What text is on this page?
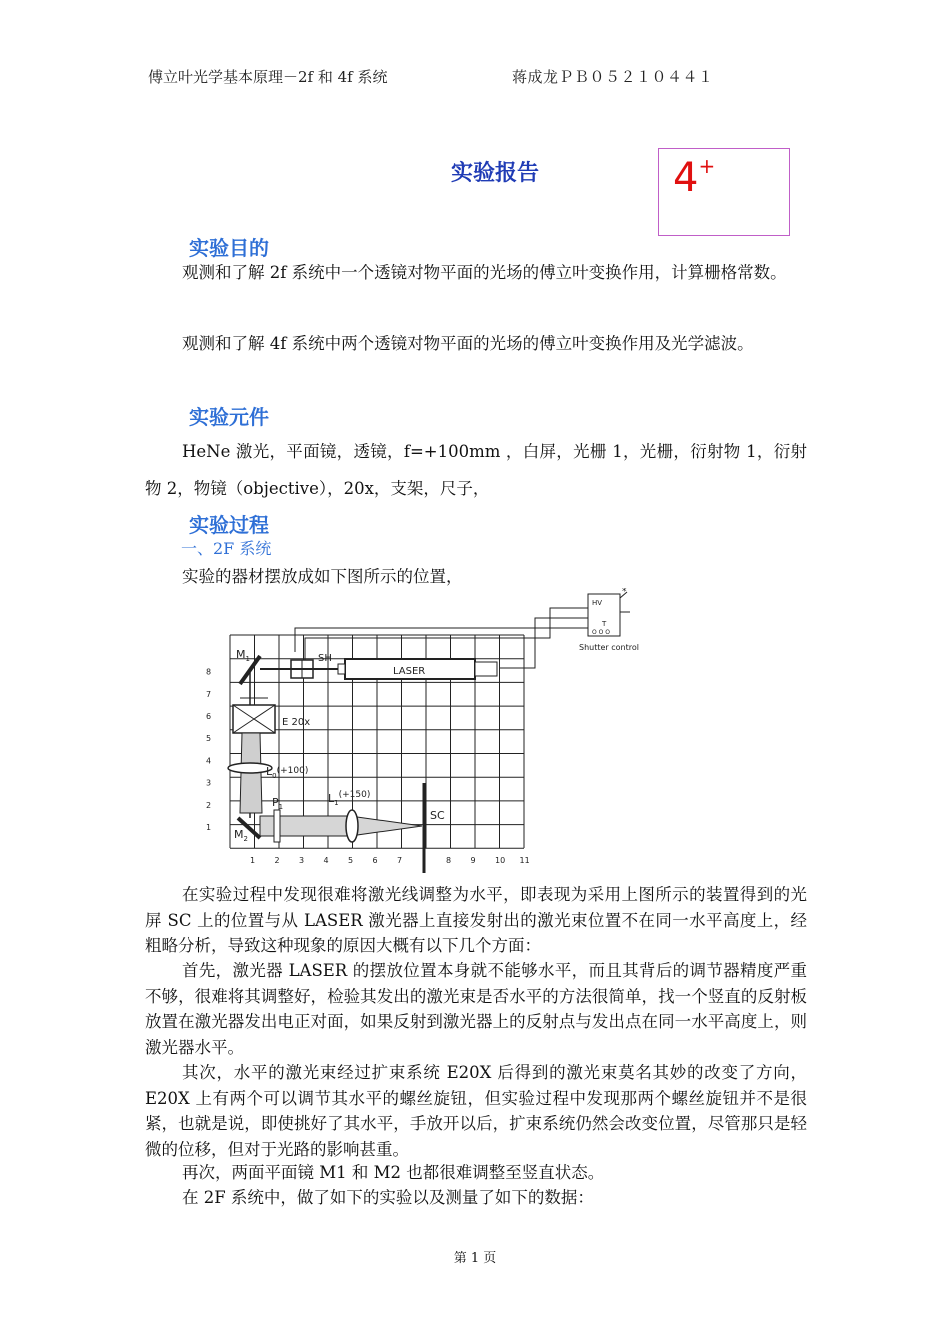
傅立叶光学基本原理－2f 和 4f 系统	蒋成龙ＰＢ０５２１０４４１
实验报告	4+
实验目的
观测和了解 2f 系统中一个透镜对物平面的光场的傅立叶变换作用，计算栅格常数。
观测和了解 4f 系统中两个透镜对物平面的光场的傅立叶变换作用及光学滤波。
实验元件
HeNe 激光，平面镜，透镜，f=+100mm ，白屏，光栅 1，光栅，衍射物 1，衍射物 2，物镜（objective），20x，支架，尺子，
实验过程
一、2F 系统
实验的器材摆放成如下图所示的位置，
$M_1$	SH
LASER
E 20x
$L_0^{(+100)}$
$P_1$
$L_1^{(+150)}$
$M_2$
SC
HV
T
O O O
*
Shutter control
1 2 3 4 5 6 7	8 9 10 11
1
2
3
4
5
6
7
8
在实验过程中发现很难将激光线调整为水平，即表现为采用上图所示的装置得到的光屏 SC 上的位置与从 LASER 激光器上直接发射出的激光束位置不在同一水平高度上，经粗略分析，导致这种现象的原因大概有以下几个方面：
首先，激光器 LASER 的摆放位置本身就不能够水平，而且其背后的调节器精度严重不够，很难将其调整好，检验其发出的激光束是否水平的方法很简单，找一个竖直的反射板放置在激光器发出电正对面，如果反射到激光器上的反射点与发出点在同一水平高度上，则激光器水平。
其次，水平的激光束经过扩束系统 E20X 后得到的激光束莫名其妙的改变了方向，E20X 上有两个可以调节其水平的螺丝旋钮，但实验过程中发现那两个螺丝旋钮并不是很紧，也就是说，即使挑好了其水平，手放开以后，扩束系统仍然会改变位置，尽管那只是轻微的位移，但对于光路的影响甚重。
再次，两面平面镜 M1 和 M2 也都很难调整至竖直状态。
在 2F 系统中，做了如下的实验以及测量了如下的数据：
第 1 页
